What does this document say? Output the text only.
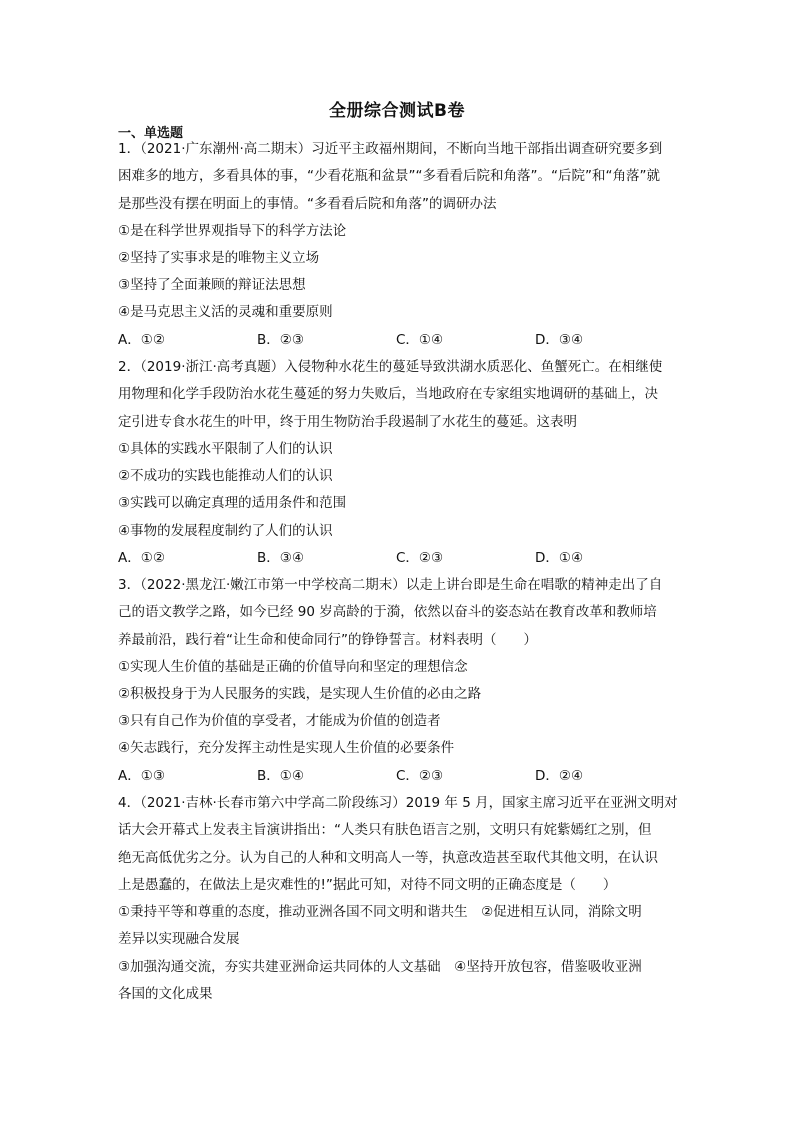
全册综合测试B卷
一、单选题
1．（2021·广东潮州·高二期末）习近平主政福州期间，不断向当地干部指出调查研究要多到
困难多的地方，多看具体的事，“少看花瓶和盆景”“多看看后院和角落”。“后院”和“角落”就
是那些没有摆在明面上的事情。“多看看后院和角落”的调研办法
①是在科学世界观指导下的科学方法论
②坚持了实事求是的唯物主义立场
③坚持了全面兼顾的辩证法思想
④是马克思主义活的灵魂和重要原则
A．①②	B．②③	C．①④	D．③④
2．（2019·浙江·高考真题）入侵物种水花生的蔓延导致洪湖水质恶化、鱼蟹死亡。在相继使
用物理和化学手段防治水花生蔓延的努力失败后，当地政府在专家组实地调研的基础上，决
定引进专食水花生的叶甲，终于用生物防治手段遏制了水花生的蔓延。这表明
①具体的实践水平限制了人们的认识
②不成功的实践也能推动人们的认识
③实践可以确定真理的适用条件和范围
④事物的发展程度制约了人们的认识
A．①②	B．③④	C．②③	D．①④
3．（2022·黑龙江·嫩江市第一中学校高二期末）以走上讲台即是生命在唱歌的精神走出了自
己的语文教学之路，如今已经 90 岁高龄的于漪，依然以奋斗的姿态站在教育改革和教师培
养最前沿，践行着“让生命和使命同行”的铮铮誓言。材料表明（　　）
①实现人生价值的基础是正确的价值导向和坚定的理想信念
②积极投身于为人民服务的实践，是实现人生价值的必由之路
③只有自己作为价值的享受者，才能成为价值的创造者
④矢志践行，充分发挥主动性是实现人生价值的必要条件
A．①③	B．①④	C．②③	D．②④
4．（2021·吉林·长春市第六中学高二阶段练习）2019 年 5 月，国家主席习近平在亚洲文明对
话大会开幕式上发表主旨演讲指出：“人类只有肤色语言之别，文明只有姹紫嫣红之别，但
绝无高低优劣之分。认为自己的人种和文明高人一等，执意改造甚至取代其他文明，在认识
上是愚蠢的，在做法上是灾难性的!”据此可知，对待不同文明的正确态度是（　　）
①秉持平等和尊重的态度，推动亚洲各国不同文明和谐共生　②促进相互认同，消除文明
差异以实现融合发展
③加强沟通交流，夯实共建亚洲命运共同体的人文基础　④坚持开放包容，借鉴吸收亚洲
各国的文化成果
